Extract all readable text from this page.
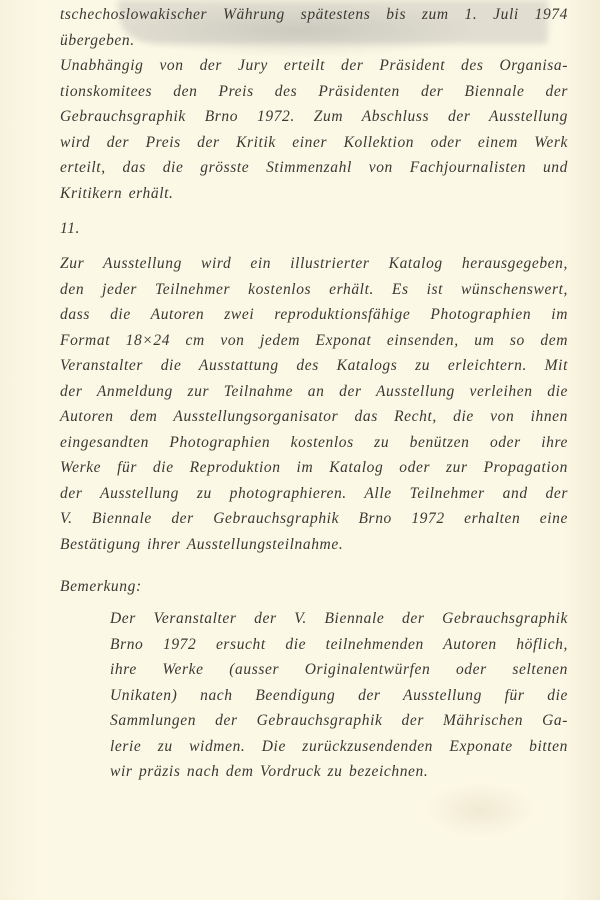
tschechoslowakischer Währung spätestens bis zum 1. Juli 1974
übergeben.
Unabhängig von der Jury erteilt der Präsident des Organisa-
tionskomitees den Preis des Präsidenten der Biennale der
Gebrauchsgraphik Brno 1972. Zum Abschluss der Ausstellung
wird der Preis der Kritik einer Kollektion oder einem Werk
erteilt, das die grösste Stimmenzahl von Fachjournalisten und
Kritikern erhält.
11.
Zur Ausstellung wird ein illustrierter Katalog herausgegeben,
den jeder Teilnehmer kostenlos erhält. Es ist wünschenswert,
dass die Autoren zwei reproduktionsfähige Photographien im
Format 18×24 cm von jedem Exponat einsenden, um so dem
Veranstalter die Ausstattung des Katalogs zu erleichtern. Mit
der Anmeldung zur Teilnahme an der Ausstellung verleihen die
Autoren dem Ausstellungsorganisator das Recht, die von ihnen
eingesandten Photographien kostenlos zu benützen oder ihre
Werke für die Reproduktion im Katalog oder zur Propagation
der Ausstellung zu photographieren. Alle Teilnehmer and der
V. Biennale der Gebrauchsgraphik Brno 1972 erhalten eine
Bestätigung ihrer Ausstellungsteilnahme.
Bemerkung:
Der Veranstalter der V. Biennale der Gebrauchsgraphik
Brno 1972 ersucht die teilnehmenden Autoren höflich,
ihre Werke (ausser Originalentwürfen oder seltenen
Unikaten) nach Beendigung der Ausstellung für die
Sammlungen der Gebrauchsgraphik der Mährischen Ga-
lerie zu widmen. Die zurückzusendenden Exponate bitten
wir präzis nach dem Vordruck zu bezeichnen.
